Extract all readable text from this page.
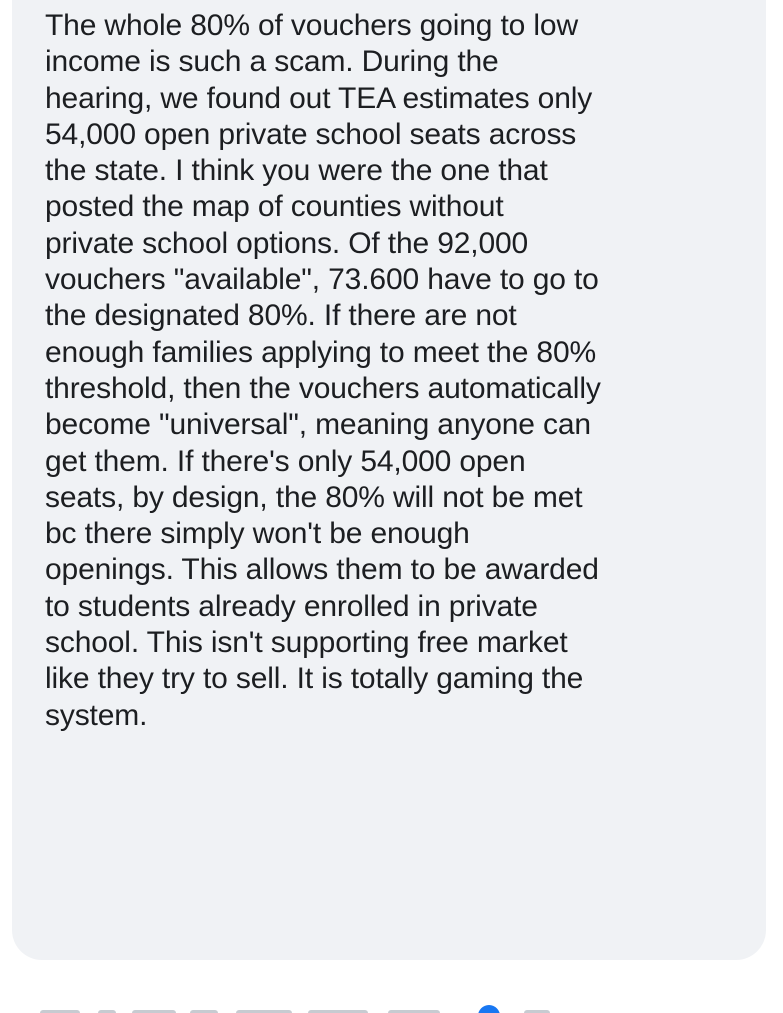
The whole 80% of vouchers going to low
income is such a scam. During the
hearing, we found out TEA estimates only
54,000 open private school seats across
the state. I think you were the one that
posted the map of counties without
private school options. Of the 92,000
vouchers "available", 73.600 have to go to
the designated 80%. If there are not
enough families applying to meet the 80%
threshold, then the vouchers automatically
become "universal", meaning anyone can
get them. If there's only 54,000 open
seats, by design, the 80% will not be met
bc there simply won't be enough
openings. This allows them to be awarded
to students already enrolled in private
school. This isn't supporting free market
like they try to sell. It is totally gaming the
system.
